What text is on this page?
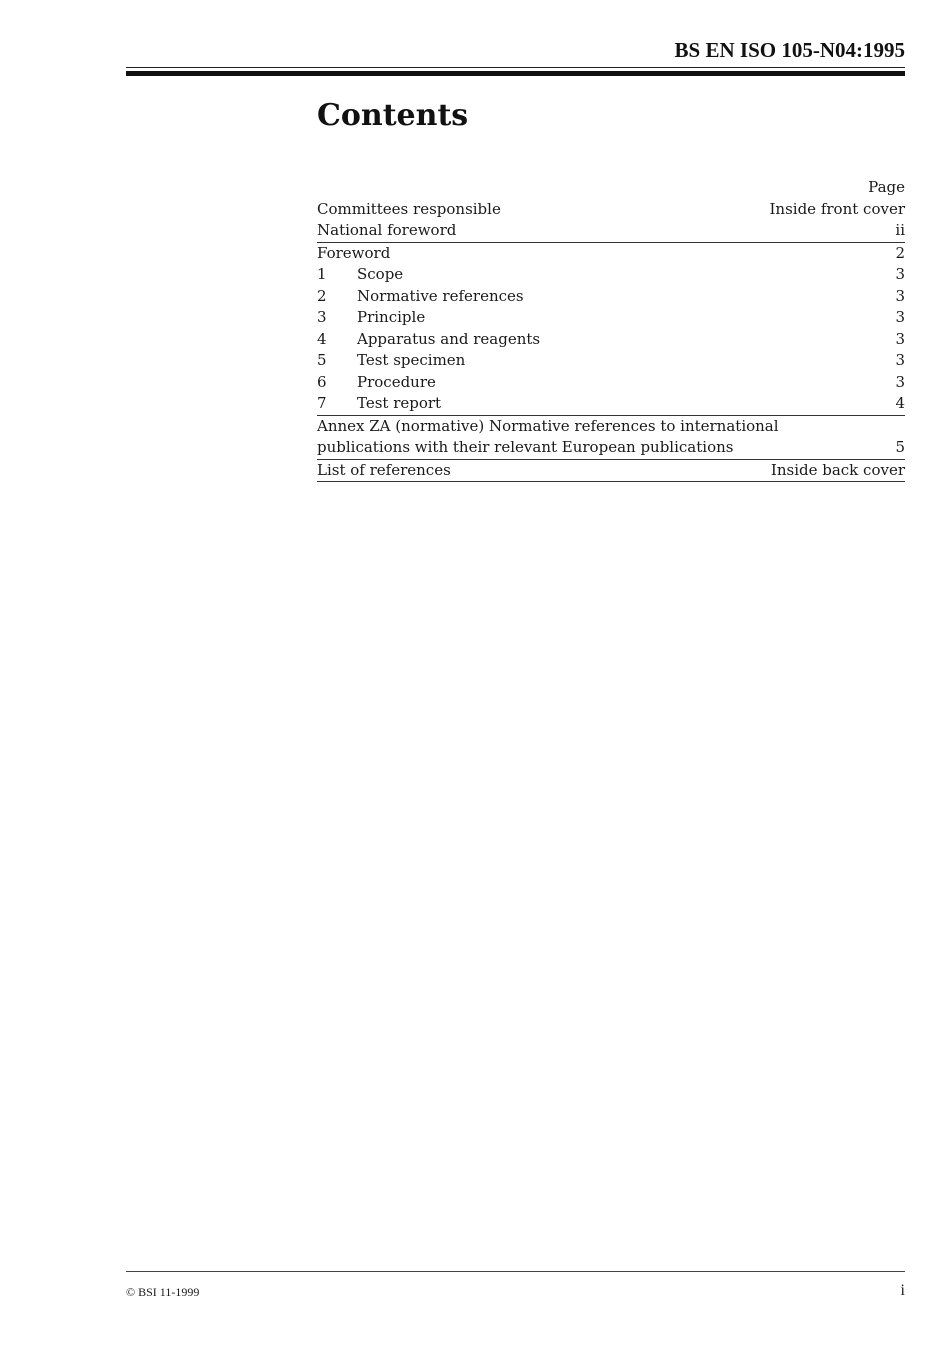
BS EN ISO 105-N04:1995
Contents
Page
Committees responsible	Inside front cover
National foreword	ii
Foreword	2
1 Scope	3
2 Normative references	3
3 Principle	3
4 Apparatus and reagents	3
5 Test specimen	3
6 Procedure	3
7 Test report	4
Annex ZA (normative) Normative references to international
publications with their relevant European publications	5
List of references	Inside back cover
© BSI 11-1999	i
